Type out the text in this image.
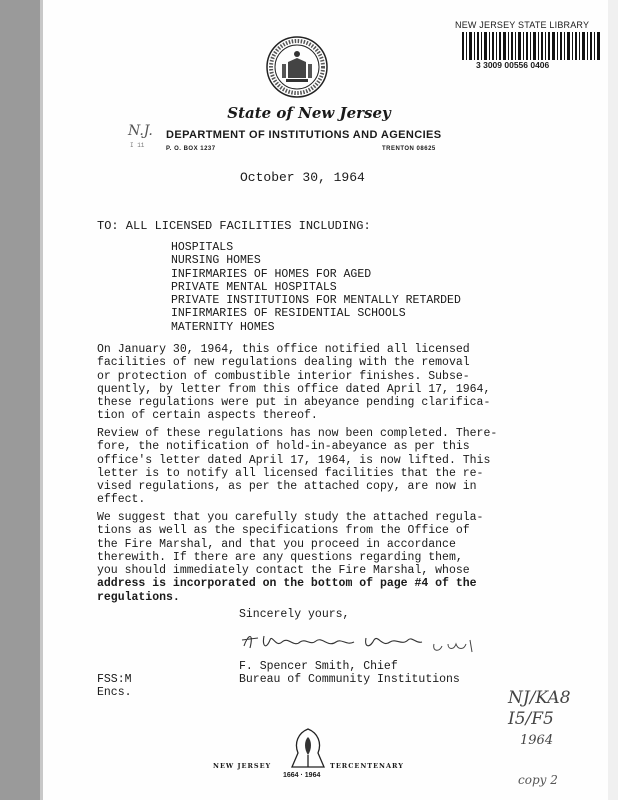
NEW JERSEY STATE LIBRARY
3 3009 00556 0406
State of New Jersey
N.J.
I 11
DEPARTMENT OF INSTITUTIONS AND AGENCIES
P. O. BOX 1237	TRENTON 08625
October 30, 1964
TO: ALL LICENSED FACILITIES INCLUDING:
HOSPITALS
NURSING HOMES
INFIRMARIES OF HOMES FOR AGED
PRIVATE MENTAL HOSPITALS
PRIVATE INSTITUTIONS FOR MENTALLY RETARDED
INFIRMARIES OF RESIDENTIAL SCHOOLS
MATERNITY HOMES
On January 30, 1964, this office notified all licensed
facilities of new regulations dealing with the removal
or protection of combustible interior finishes. Subse-
quently, by letter from this office dated April 17, 1964,
these regulations were put in abeyance pending clarifica-
tion of certain aspects thereof.
Review of these regulations has now been completed. There-
fore, the notification of hold-in-abeyance as per this
office's letter dated April 17, 1964, is now lifted. This
letter is to notify all licensed facilities that the re-
vised regulations, as per the attached copy, are now in
effect.
We suggest that you carefully study the attached regula-
tions as well as the specifications from the Office of
the Fire Marshal, and that you proceed in accordance
therewith. If there are any questions regarding them,
you should immediately contact the Fire Marshal, whose
address is incorporated on the bottom of page #4 of the
regulations.
Sincerely yours,
F. Spencer Smith, Chief
Bureau of Community Institutions
FSS:M
Encs.	NJ/KA8
I5/F5
1964
copy 2
NEW JERSEY	TERCENTENARY
1664 · 1964
